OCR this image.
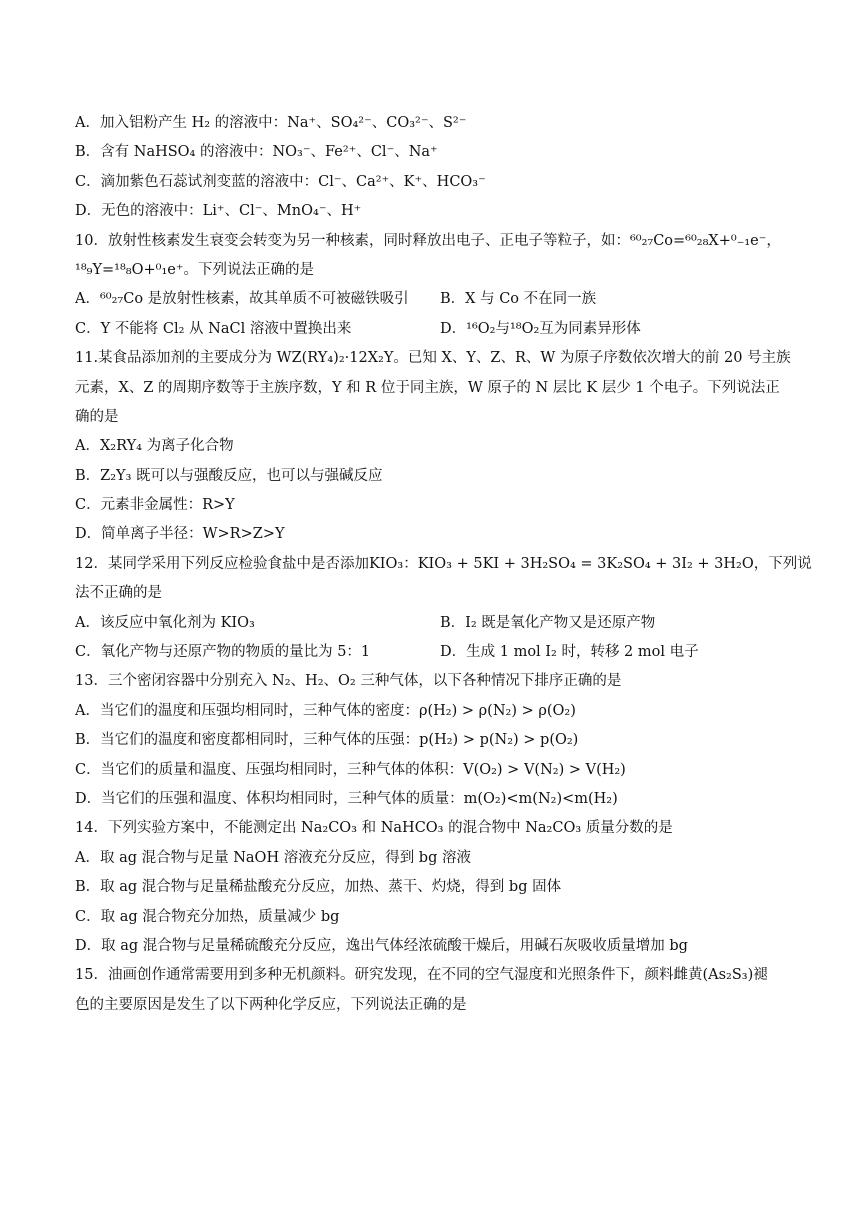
A．加入铝粉产生 H₂ 的溶液中：Na⁺、SO₄²⁻、CO₃²⁻、S²⁻
B．含有 NaHSO₄ 的溶液中：NO₃⁻、Fe²⁺、Cl⁻、Na⁺
C．滴加紫色石蕊试剂变蓝的溶液中：Cl⁻、Ca²⁺、K⁺、HCO₃⁻
D．无色的溶液中：Li⁺、Cl⁻、MnO₄⁻、H⁺
10．放射性核素发生衰变会转变为另一种核素，同时释放出电子、正电子等粒子，如：⁶⁰₂₇Co=⁶⁰₂₈X+⁰₋₁e⁻，
¹⁸₉Y=¹⁸₈O+⁰₁e⁺。下列说法正确的是
A．⁶⁰₂₇Co 是放射性核素，故其单质不可被磁铁吸引	B．X 与 Co 不在同一族
C．Y 不能将 Cl₂ 从 NaCl 溶液中置换出来	D．¹⁶O₂与¹⁸O₂互为同素异形体
11.某食品添加剂的主要成分为 WZ(RY₄)₂·12X₂Y。已知 X、Y、Z、R、W 为原子序数依次增大的前 20 号主族
元素，X、Z 的周期序数等于主族序数，Y 和 R 位于同主族，W 原子的 N 层比 K 层少 1 个电子。下列说法正
确的是
A．X₂RY₄ 为离子化合物
B．Z₂Y₃ 既可以与强酸反应，也可以与强碱反应
C．元素非金属性：R>Y
D．简单离子半径：W>R>Z>Y
12．某同学采用下列反应检验食盐中是否添加KIO₃：KIO₃ + 5KI + 3H₂SO₄ = 3K₂SO₄ + 3I₂ + 3H₂O，下列说
法不正确的是
A．该反应中氧化剂为 KIO₃	B．I₂ 既是氧化产物又是还原产物
C．氧化产物与还原产物的物质的量比为 5：1	D．生成 1 mol I₂ 时，转移 2 mol 电子
13．三个密闭容器中分别充入 N₂、H₂、O₂ 三种气体，以下各种情况下排序正确的是
A．当它们的温度和压强均相同时，三种气体的密度：ρ(H₂) > ρ(N₂) > ρ(O₂)
B．当它们的温度和密度都相同时，三种气体的压强：p(H₂) > p(N₂) > p(O₂)
C．当它们的质量和温度、压强均相同时，三种气体的体积：V(O₂) > V(N₂) > V(H₂)
D．当它们的压强和温度、体积均相同时，三种气体的质量：m(O₂)<m(N₂)<m(H₂)
14．下列实验方案中，不能测定出 Na₂CO₃ 和 NaHCO₃ 的混合物中 Na₂CO₃ 质量分数的是
A．取 ag 混合物与足量 NaOH 溶液充分反应，得到 bg 溶液
B．取 ag 混合物与足量稀盐酸充分反应，加热、蒸干、灼烧，得到 bg 固体
C．取 ag 混合物充分加热，质量减少 bg
D．取 ag 混合物与足量稀硫酸充分反应，逸出气体经浓硫酸干燥后，用碱石灰吸收质量增加 bg
15．油画创作通常需要用到多种无机颜料。研究发现，在不同的空气湿度和光照条件下，颜料雌黄(As₂S₃)褪
色的主要原因是发生了以下两种化学反应，下列说法正确的是
